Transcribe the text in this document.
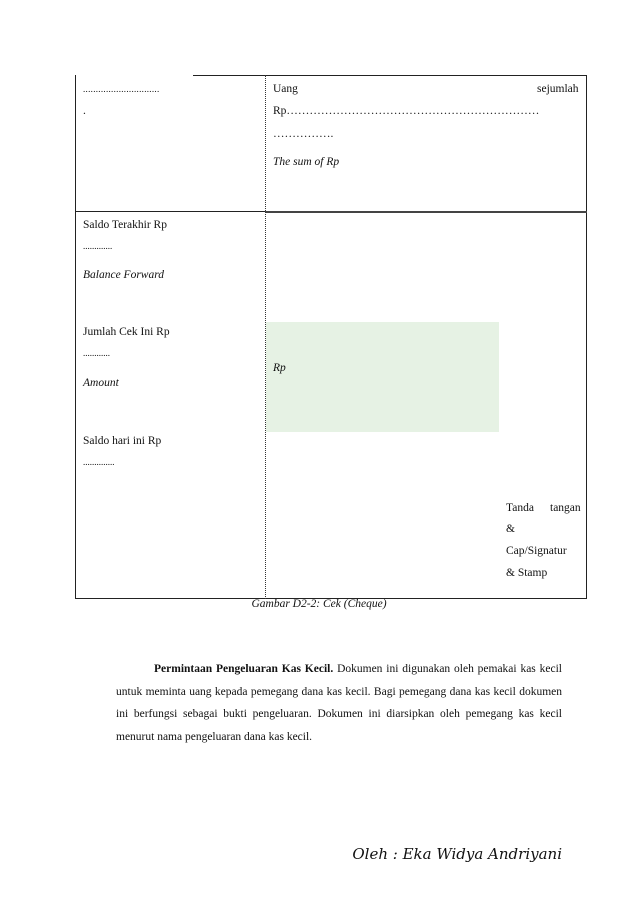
..............................
.
Uang	sejumlah
Rp…………………………………………………………
…………….
The sum of Rp
Saldo Terakhir Rp
.............
Balance Forward
Jumlah Cek Ini Rp
............
Amount
Saldo hari ini Rp
..............
Rp
Tanda tangan
&
Cap/Signatur
& Stamp
Gambar D2-2: Cek (Cheque)
Permintaan Pengeluaran Kas Kecil. Dokumen ini digunakan oleh pemakai kas kecil untuk meminta uang kepada pemegang dana kas kecil. Bagi pemegang dana kas kecil dokumen ini berfungsi sebagai bukti pengeluaran. Dokumen ini diarsipkan oleh pemegang kas kecil menurut nama pengeluaran dana kas kecil.
Oleh : Eka Widya Andriyani
